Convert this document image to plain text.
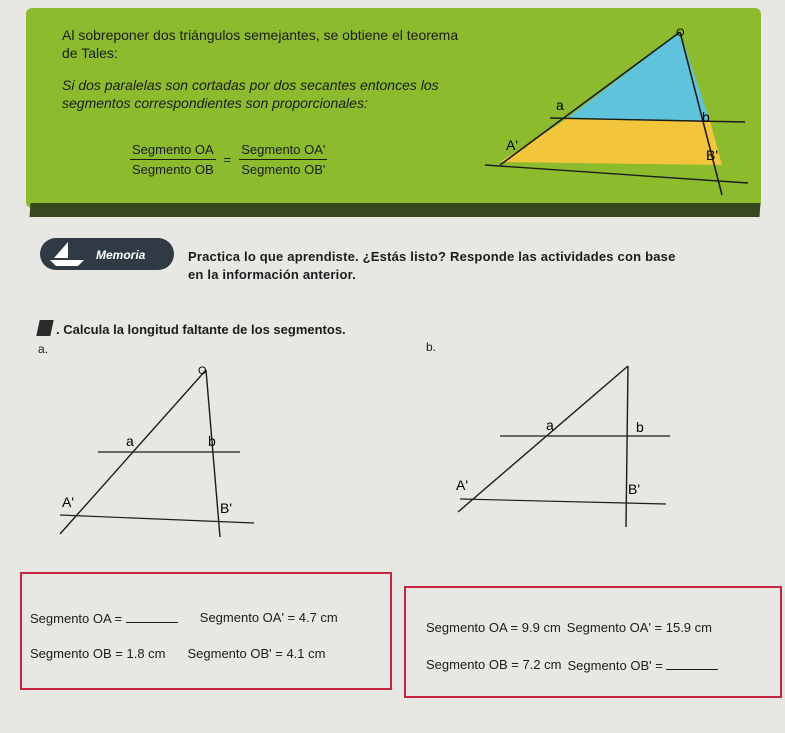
Al sobreponer dos triángulos semejantes, se obtiene el teorema de Tales:

Si dos paralelas son cortadas por dos secantes entonces los segmentos correspondientes son proporcionales:

$\frac{\text{Segmento OA}}{\text{Segmento OB}} = \frac{\text{Segmento OA'}}{\text{Segmento OB'}}$
O
a
b
A'
B'
Memoria	Practica lo que aprendiste. ¿Estás listo? Responde las actividades con base en la información anterior.
. Calcula la longitud faltante de los segmentos.
a.
O
a	b
A'	B'
b.
a	b
A'	B'
Segmento OA =	Segmento OA' = 4.7 cm
Segmento OB = 1.8 cm Segmento OB' = 4.1 cm
Segmento OA = 9.9 cm Segmento OA' = 15.9 cm
Segmento OB = 7.2 cm Segmento OB' =
